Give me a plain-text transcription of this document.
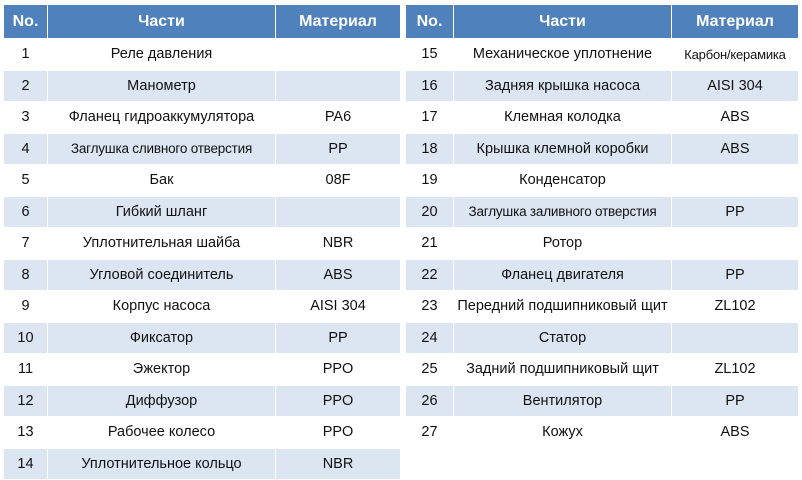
No.	Части	Материал
1	Реле давления	
2	Манометр	
3	Фланец гидроаккумулятора	PA6
4	Заглушка сливного отверстия	PP
5	Бак	08F
6	Гибкий шланг	
7	Уплотнительная шайба	NBR
8	Угловой соединитель	ABS
9	Корпус насоса	AISI 304
10	Фиксатор	PP
11	Эжектор	PPO
12	Диффузор	PPO
13	Рабочее колесо	PPO
14	Уплотнительное кольцо	NBR
No.	Части	Материал
15	Механическое уплотнение	Карбон/керамика
16	Задняя крышка насоса	AISI 304
17	Клемная колодка	ABS
18	Крышка клемной коробки	ABS
19	Конденсатор	
20	Заглушка заливного отверстия	PP
21	Ротор	
22	Фланец двигателя	PP
23	Передний подшипниковый щит	ZL102
24	Статор	
25	Задний подшипниковый щит	ZL102
26	Вентилятор	PP
27	Кожух	ABS
